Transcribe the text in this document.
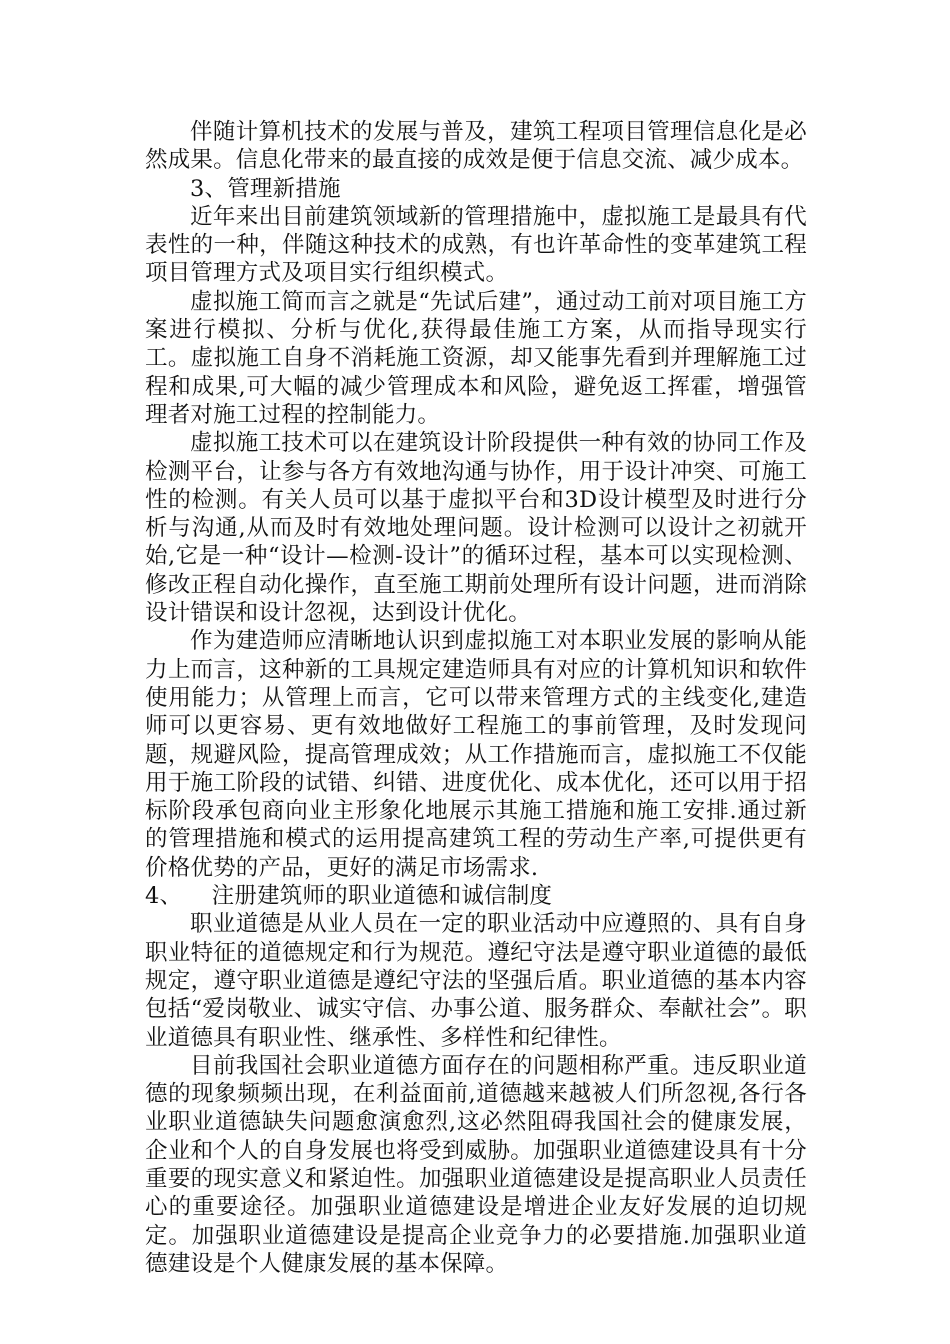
伴随计算机技术的发展与普及，建筑工程项目管理信息化是必然成果。信息化带来的最直接的成效是便于信息交流、减少成本。

3、管理新措施

近年来出目前建筑领域新的管理措施中，虚拟施工是最具有代表性的一种，伴随这种技术的成熟，有也许革命性的变革建筑工程项目管理方式及项目实行组织模式。

虚拟施工简而言之就是“先试后建”，通过动工前对项目施工方案进行模拟、分析与优化,获得最佳施工方案，从而指导现实行工。虚拟施工自身不消耗施工资源，却又能事先看到并理解施工过程和成果,可大幅的减少管理成本和风险，避免返工挥霍，增强管理者对施工过程的控制能力。

虚拟施工技术可以在建筑设计阶段提供一种有效的协同工作及检测平台，让参与各方有效地沟通与协作，用于设计冲突、可施工性的检测。有关人员可以基于虚拟平台和3D设计模型及时进行分析与沟通,从而及时有效地处理问题。设计检测可以设计之初就开始,它是一种“设计—检测-设计”的循环过程，基本可以实现检测、修改正程自动化操作，直至施工期前处理所有设计问题，进而消除设计错误和设计忽视，达到设计优化。

作为建造师应清晰地认识到虚拟施工对本职业发展的影响从能力上而言，这种新的工具规定建造师具有对应的计算机知识和软件使用能力；从管理上而言，它可以带来管理方式的主线变化,建造师可以更容易、更有效地做好工程施工的事前管理，及时发现问题，规避风险，提高管理成效；从工作措施而言，虚拟施工不仅能用于施工阶段的试错、纠错、进度优化、成本优化，还可以用于招标阶段承包商向业主形象化地展示其施工措施和施工安排.通过新的管理措施和模式的运用提高建筑工程的劳动生产率,可提供更有价格优势的产品，更好的满足市场需求.

4、    注册建筑师的职业道德和诚信制度

职业道德是从业人员在一定的职业活动中应遵照的、具有自身职业特征的道德规定和行为规范。遵纪守法是遵守职业道德的最低规定，遵守职业道德是遵纪守法的坚强后盾。职业道德的基本内容包括“爱岗敬业、诚实守信、办事公道、服务群众、奉献社会”。职业道德具有职业性、继承性、多样性和纪律性。

目前我国社会职业道德方面存在的问题相称严重。违反职业道德的现象频频出现，在利益面前,道德越来越被人们所忽视,各行各业职业道德缺失问题愈演愈烈,这必然阻碍我国社会的健康发展，企业和个人的自身发展也将受到威胁。加强职业道德建设具有十分重要的现实意义和紧迫性。加强职业道德建设是提高职业人员责任心的重要途径。加强职业道德建设是增进企业友好发展的迫切规定。加强职业道德建设是提高企业竞争力的必要措施.加强职业道德建设是个人健康发展的基本保障。
